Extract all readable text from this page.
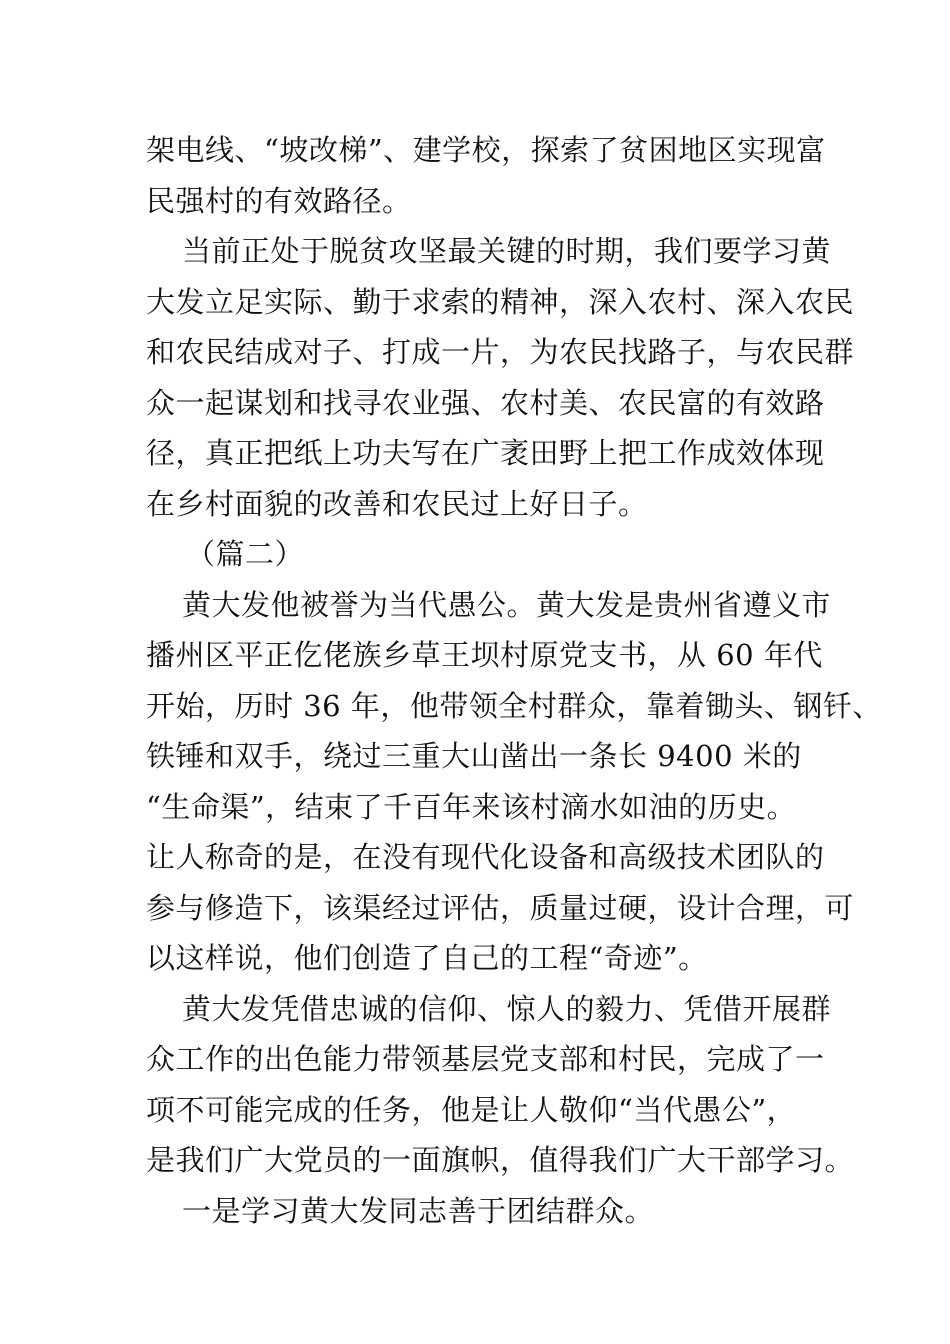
架电线、“坡改梯”、建学校，探索了贫困地区实现富
民强村的有效路径。
当前正处于脱贫攻坚最关键的时期，我们要学习黄
大发立足实际、勤于求索的精神，深入农村、深入农民
和农民结成对子、打成一片，为农民找路子，与农民群
众一起谋划和找寻农业强、农村美、农民富的有效路
径，真正把纸上功夫写在广袤田野上把工作成效体现
在乡村面貌的改善和农民过上好日子。
（篇二）
黄大发他被誉为当代愚公。黄大发是贵州省遵义市
播州区平正仡佬族乡草王坝村原党支书，从 60 年代
开始，历时 36 年，他带领全村群众，靠着锄头、钢钎、
铁锤和双手，绕过三重大山凿出一条长 9400 米的
“生命渠”，结束了千百年来该村滴水如油的历史。
让人称奇的是，在没有现代化设备和高级技术团队的
参与修造下，该渠经过评估，质量过硬，设计合理，可
以这样说，他们创造了自己的工程“奇迹”。
黄大发凭借忠诚的信仰、惊人的毅力、凭借开展群
众工作的出色能力带领基层党支部和村民，完成了一
项不可能完成的任务，他是让人敬仰“当代愚公”，
是我们广大党员的一面旗帜，值得我们广大干部学习。
一是学习黄大发同志善于团结群众。
